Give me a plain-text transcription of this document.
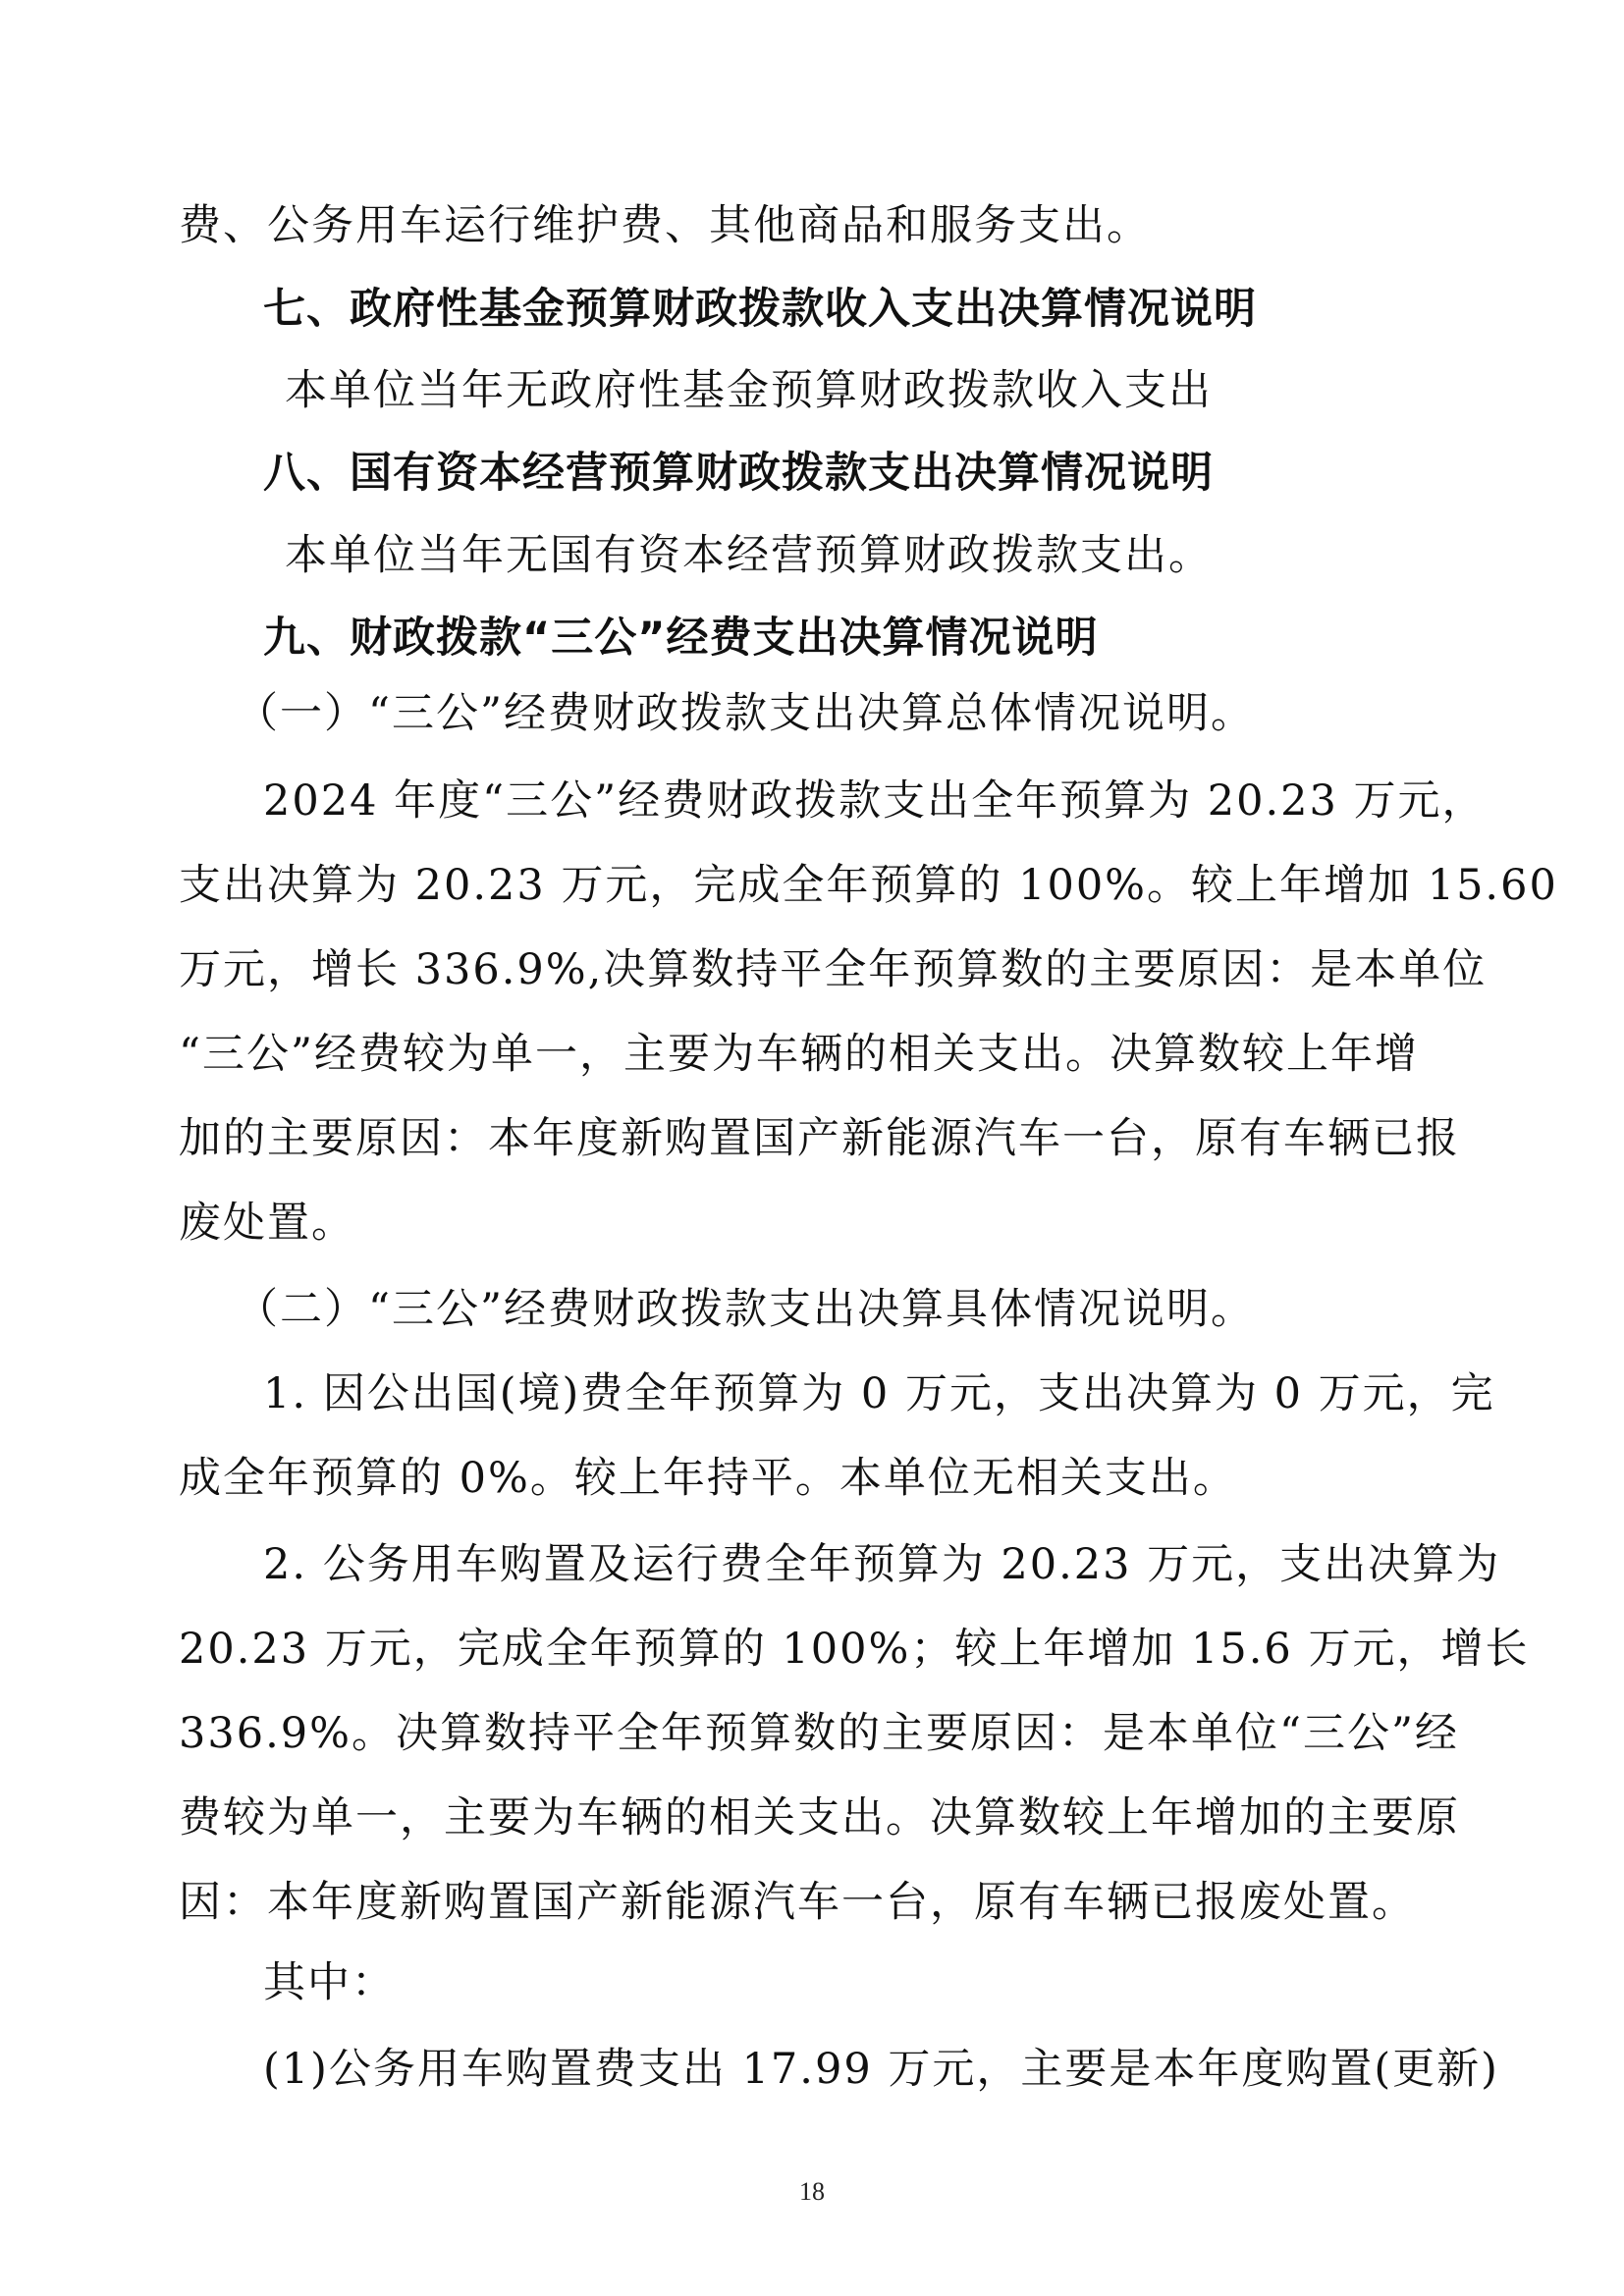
费、公务用车运行维护费、其他商品和服务支出。
七、政府性基金预算财政拨款收入支出决算情况说明
本单位当年无政府性基金预算财政拨款收入支出
八、国有资本经营预算财政拨款支出决算情况说明
本单位当年无国有资本经营预算财政拨款支出。
九、财政拨款“三公”经费支出决算情况说明
（一）“三公”经费财政拨款支出决算总体情况说明。
2024 年度“三公”经费财政拨款支出全年预算为 20.23 万元，
支出决算为 20.23 万元，完成全年预算的 100%。较上年增加 15.60
万元，增长 336.9%,决算数持平全年预算数的主要原因：是本单位
“三公”经费较为单一，主要为车辆的相关支出。决算数较上年增
加的主要原因：本年度新购置国产新能源汽车一台，原有车辆已报
废处置。
（二）“三公”经费财政拨款支出决算具体情况说明。
1. 因公出国(境)费全年预算为 0 万元，支出决算为 0 万元，完
成全年预算的 0%。较上年持平。本单位无相关支出。
2. 公务用车购置及运行费全年预算为 20.23 万元，支出决算为
20.23 万元，完成全年预算的 100%；较上年增加 15.6 万元，增长
336.9%。决算数持平全年预算数的主要原因：是本单位“三公”经
费较为单一，主要为车辆的相关支出。决算数较上年增加的主要原
因：本年度新购置国产新能源汽车一台，原有车辆已报废处置。
其中：
(1)公务用车购置费支出 17.99 万元，主要是本年度购置(更新)
18
